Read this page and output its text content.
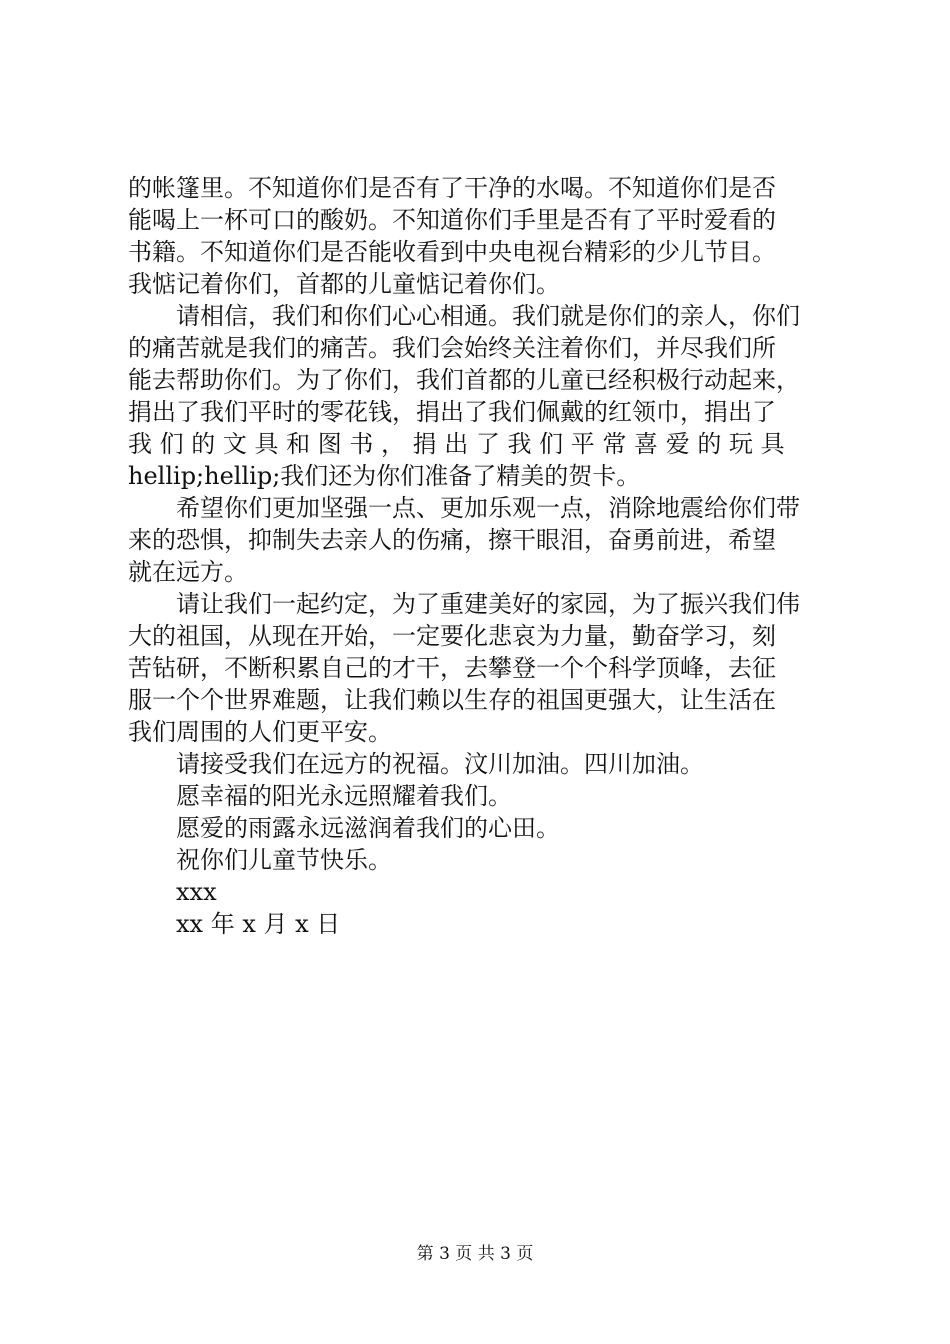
的帐篷里。不知道你们是否有了干净的水喝。不知道你们是否
能喝上一杯可口的酸奶。不知道你们手里是否有了平时爱看的
书籍。不知道你们是否能收看到中央电视台精彩的少儿节目。
我惦记着你们，首都的儿童惦记着你们。
请相信，我们和你们心心相通。我们就是你们的亲人，你们
的痛苦就是我们的痛苦。我们会始终关注着你们，并尽我们所
能去帮助你们。为了你们，我们首都的儿童已经积极行动起来，
捐出了我们平时的零花钱，捐出了我们佩戴的红领巾，捐出了
我 们 的 文 具 和 图 书 ， 捐 出 了 我 们 平 常 喜 爱 的 玩 具
hellip;hellip;我们还为你们准备了精美的贺卡。
希望你们更加坚强一点、更加乐观一点，消除地震给你们带
来的恐惧，抑制失去亲人的伤痛，擦干眼泪，奋勇前进，希望
就在远方。
请让我们一起约定，为了重建美好的家园，为了振兴我们伟
大的祖国，从现在开始，一定要化悲哀为力量，勤奋学习，刻
苦钻研，不断积累自己的才干，去攀登一个个科学顶峰，去征
服一个个世界难题，让我们赖以生存的祖国更强大，让生活在
我们周围的人们更平安。
请接受我们在远方的祝福。汶川加油。四川加油。
愿幸福的阳光永远照耀着我们。
愿爱的雨露永远滋润着我们的心田。
祝你们儿童节快乐。
xxx
xx 年 x 月 x 日
第 3 页 共 3 页
